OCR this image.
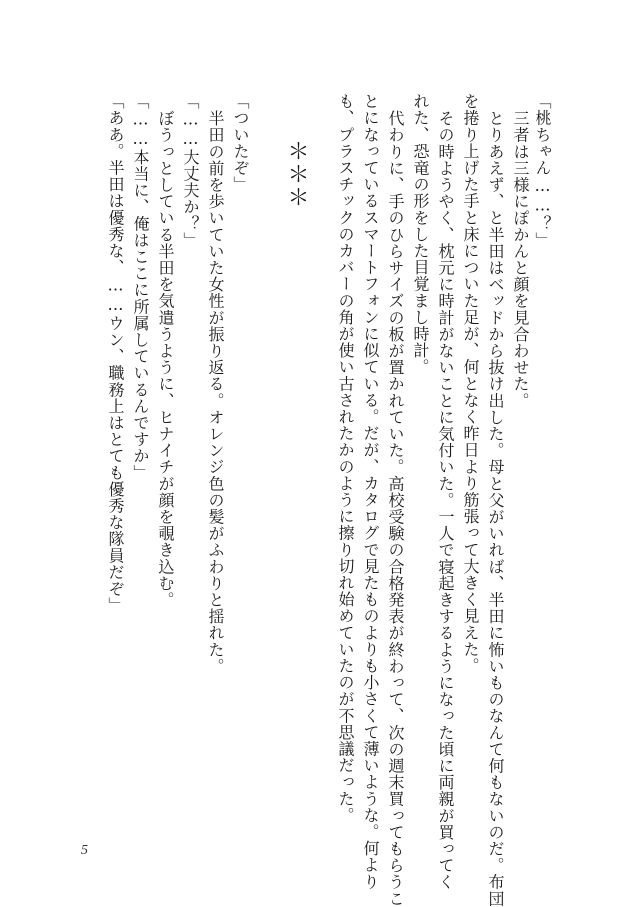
「桃ちゃん……？」
三者は三様にぽかんと顔を見合わせた。
とりあえず、と半田はベッドから抜け出した。母と父がいれば、半田に怖いものなんて何もないのだ。布団
を捲り上げた手と床についた足が、何となく昨日より筋張って大きく見えた。
その時ようやく、枕元に時計がないことに気付いた。一人で寝起きするようになった頃に両親が買ってく
れた、恐竜の形をした目覚まし時計。
代わりに、手のひらサイズの板が置かれていた。高校受験の合格発表が終わって、次の週末買ってもらうこ
とになっているスマートフォンに似ている。だが、カタログで見たものよりも小さくて薄いような。何より
も、プラスチックのカバーの角が使い古されたかのように擦り切れ始めていたのが不思議だった。
＊＊＊
「ついたぞ」
半田の前を歩いていた女性が振り返る。オレンジ色の髪がふわりと揺れた。
「……大丈夫か？」
ぼうっとしている半田を気遣うように、ヒナイチが顔を覗き込む。
「……本当に、俺はここに所属しているんですか」
「ああ。半田は優秀な、……ウン、職務上はとても優秀な隊員だぞ」
5
